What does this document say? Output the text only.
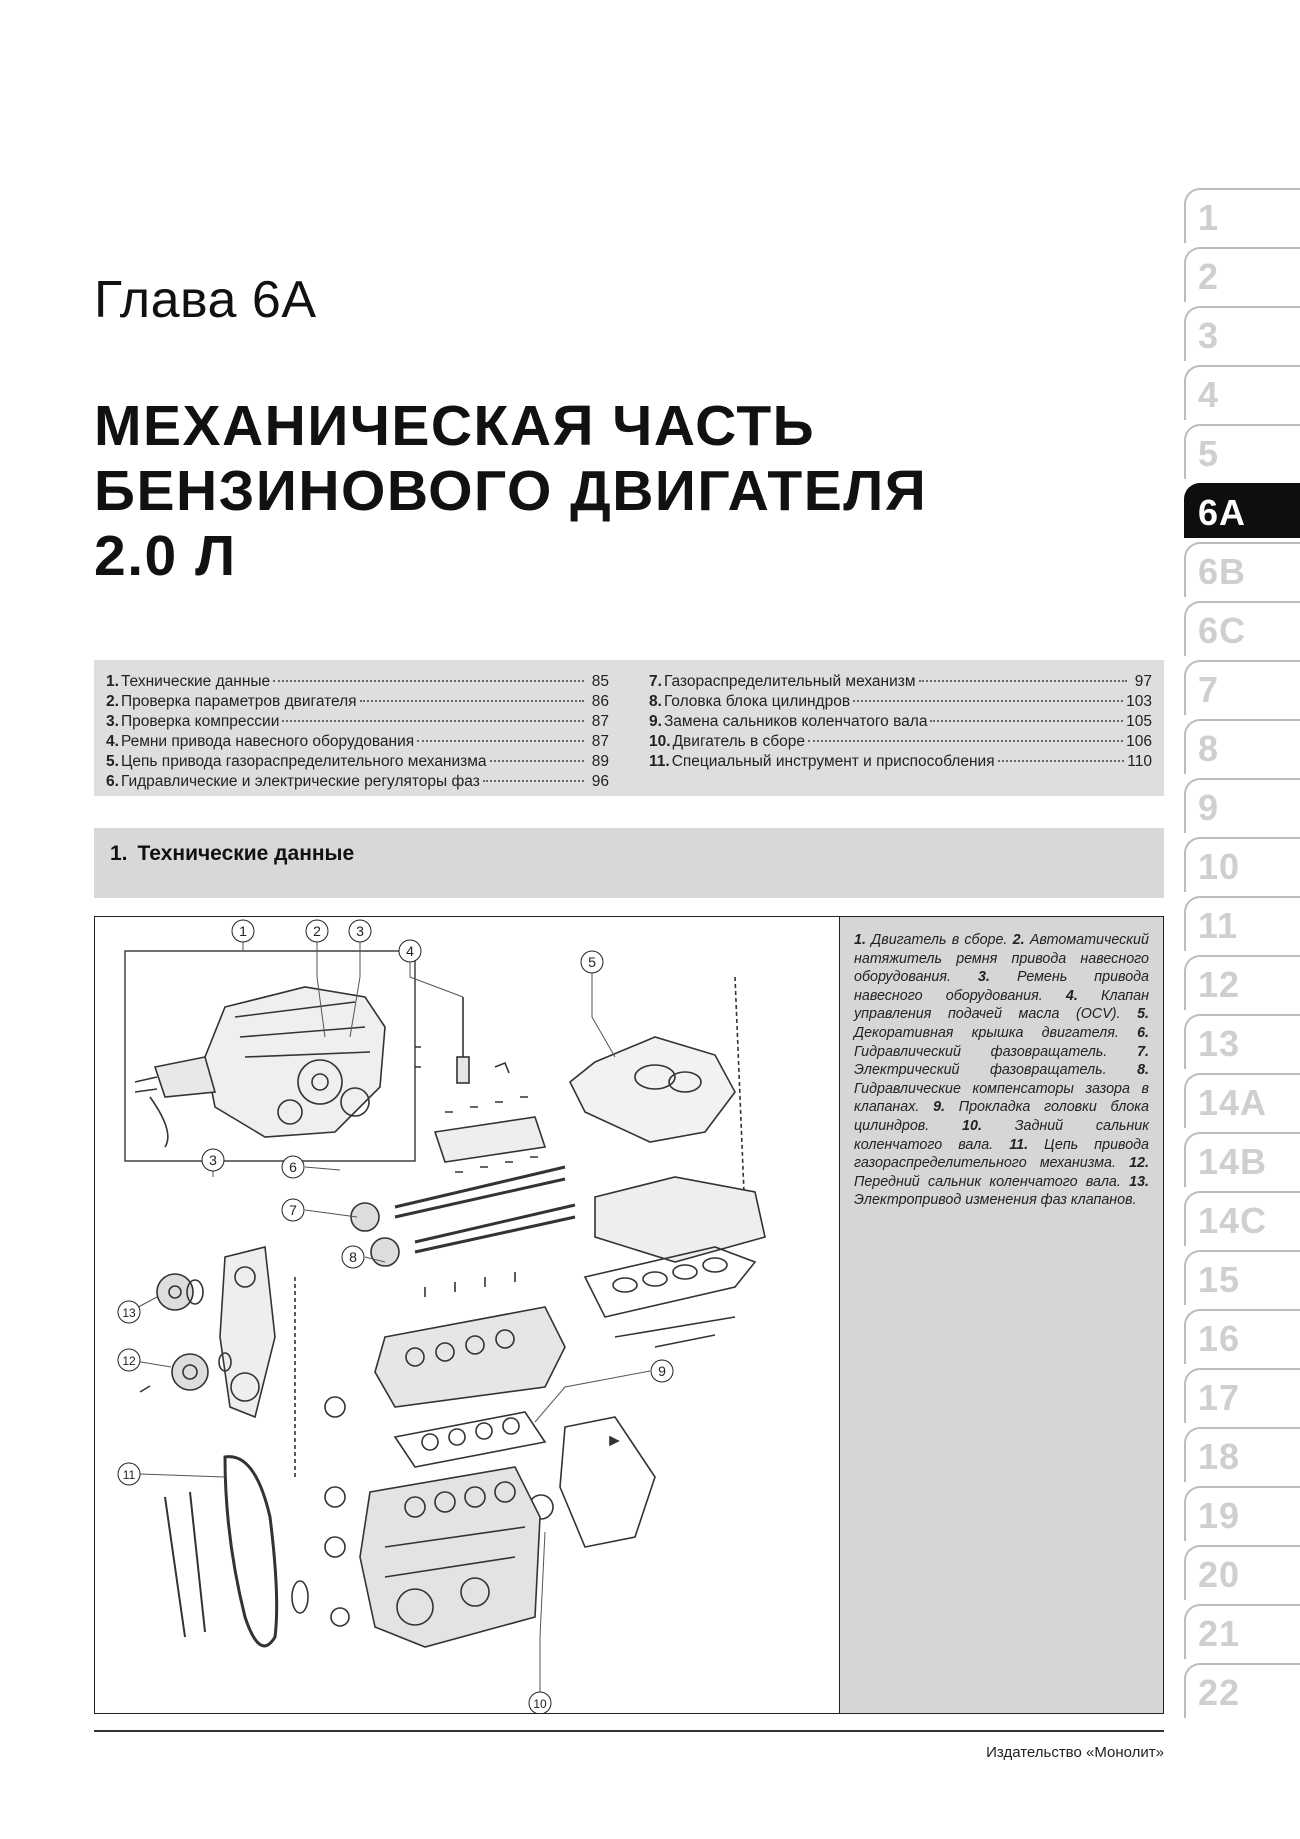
Глава 6А
МЕХАНИЧЕСКАЯ ЧАСТЬ
БЕНЗИНОВОГО ДВИГАТЕЛЯ
2.0 Л
1. Технические данные	85
2. Проверка параметров двигателя	86
3. Проверка компрессии	87
4. Ремни привода навесного оборудования	87
5. Цепь привода газораспределительного механизма	89
6. Гидравлические и электрические регуляторы фаз	96
7. Газораспределительный механизм	97
8. Головка блока цилиндров	103
9. Замена сальников коленчатого вала	105
10. Двигатель в сборе	106
11. Специальный инструмент и приспособления	110
1. Технические данные
1	2	3
3
4
5
6
7
8
9
10
11
12
13
1. Двигатель в сборе. 2. Автоматический натяжитель ремня привода навесного оборудования. 3. Ремень привода навесного оборудования. 4. Клапан управления подачей масла (OCV). 5. Декоративная крышка двигателя. 6. Гидравлический фазовращатель. 7. Электрический фазовращатель. 8. Гидравлические компенсаторы зазора в клапанах. 9. Прокладка головки блока цилиндров. 10. Задний сальник коленчатого вала. 11. Цепь привода газораспределительного механизма. 12. Передний сальник коленчатого вала. 13. Электропривод изменения фаз клапанов.
Издательство «Монолит»
1
2
3
4
5
6А
6В
6С
7
8
9
10
11
12
13
14А
14В
14С
15
16
17
18
19
20
21
22
